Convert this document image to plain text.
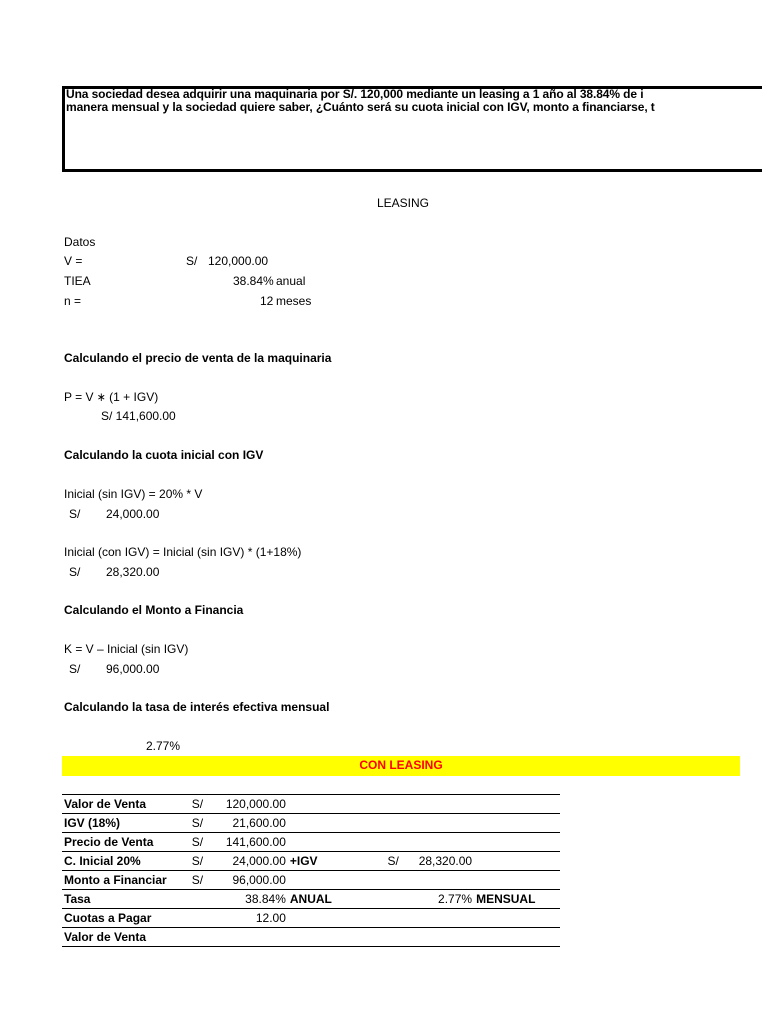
Una sociedad desea adquirir una maquinaria por S/. 120,000 mediante un leasing a 1 año al 38.84% de i
manera mensual y la sociedad quiere saber, ¿Cuánto será su cuota inicial con IGV, monto a financiarse, t
LEASING
Datos
V =	S/ 120,000.00
TIEA	38.84% anual
n =	12 meses
Calculando el precio de venta de la maquinaria
P = V ∗ (1 + IGV)
S/ 141,600.00
Calculando la cuota inicial con IGV
Inicial (sin IGV) = 20% * V
S/ 24,000.00
Inicial (con IGV) = Inicial (sin IGV) * (1+18%)
S/ 28,320.00
Calculando el Monto a Financia
K = V – Inicial (sin IGV)
S/ 96,000.00
Calculando la tasa de interés efectiva mensual
2.77%
CON LEASING
Valor de Venta	S/	120,000.00				
IGV (18%)	S/	21,600.00				
Precio de Venta	S/	141,600.00				
C. Inicial 20%	S/	24,000.00	+IGV	S/	28,320.00	
Monto a Financiar	S/	96,000.00				
Tasa		38.84%	ANUAL		2.77%	MENSUAL
Cuotas a Pagar		12.00				
Valor de Venta						
